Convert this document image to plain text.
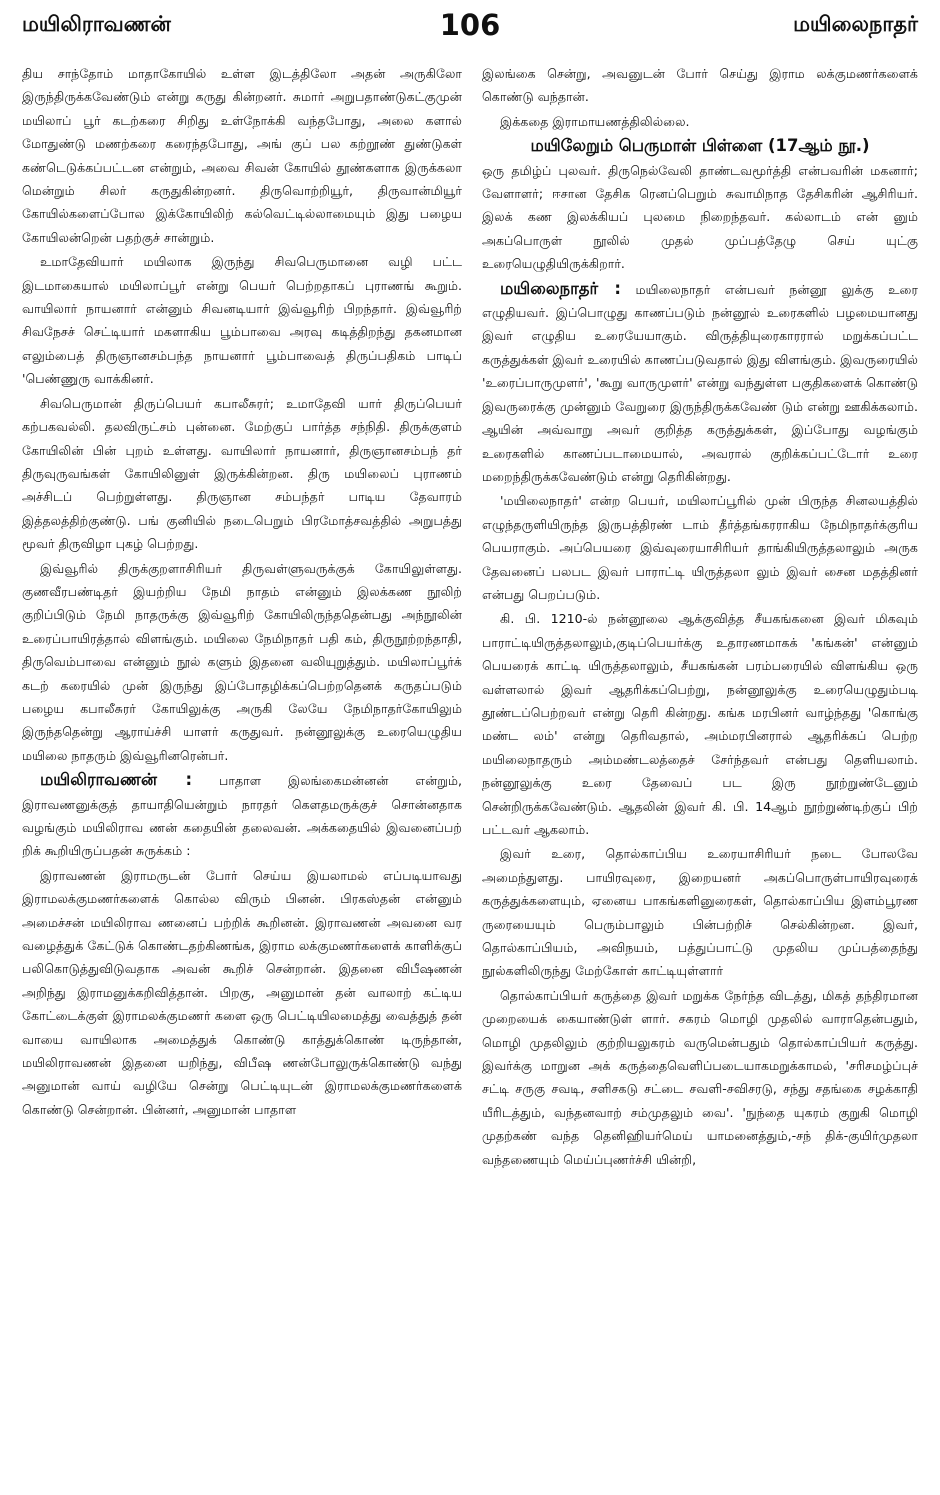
மயிலிராவணன்	106	மயிலைநாதர்

திய சாந்தோம் மாதாகோயில் உள்ள இடத்திலோ அதன் அருகிலோ இருந்திருக்கவேண்டும் என்று கருது கின்றனர். சுமார் அறுபதாண்டுகட்குமுன் மயிலாப் பூர் கடற்கரை சிறிது உள்நோக்கி வந்தபோது, அலை களால் மோதுண்டு மணற்கரை கரைந்தபோது, அங் குப் பல கற்றூண் துண்டுகள் கண்டெடுக்கப்பட்டன என்றும், அவை சிவன் கோயில் தூண்களாக இருக்கலா மென்றும் சிலர் கருதுகின்றனர். திருவொற்றியூர், திருவான்மியூர் கோயில்களைப்போல இக்கோயிலிற் கல்வெட்டில்லாமையும் இது பழைய கோயிலன்றென் பதற்குச் சான்றும்.

உமாதேவியார் மயிலாக இருந்து சிவபெருமானை வழி பட்ட இடமாகையால் மயிலாப்பூர் என்று பெயர் பெற்றதாகப் புராணங் கூறும். வாயிலார் நாயனார் என்னும் சிவனடியார் இவ்வூரிற் பிறந்தார். இவ்வூரிற் சிவநேசச் செட்டியார் மகளாகிய பூம்பாவை அரவு கடித்திறந்து தகனமான எலும்பைத் திருஞானசம்பந்த நாயனார் பூம்பாவைத் திருப்பதிகம் பாடிப் 'பெண்ணுரு வாக்கினர்.

சிவபெருமான் திருப்பெயர் கபாலீசுரர்; உமாதேவி யார் திருப்பெயர் கற்பகவல்லி. தலவிருட்சம் புன்னை. மேற்குப் பார்த்த சந்நிதி. திருக்குளம் கோயிலின் பின் புறம் உள்ளது. வாயிலார் நாயனார், திருஞானசம்பந் தர் திருவுருவங்கள் கோயிலினுள் இருக்கின்றன. திரு மயிலைப் புராணம் அச்சிடப் பெற்றுள்ளது. திருஞான சம்பந்தர் பாடிய தேவாரம் இத்தலத்திற்குண்டு. பங் குனியில் நடைபெறும் பிரமோத்சவத்தில் அறுபத்து மூவர் திருவிழா புகழ் பெற்றது.

இவ்வூரில் திருக்குறளாசிரியர் திருவள்ளுவருக்குக் கோயிலுள்ளது. குணவீரபண்டிதர் இயற்றிய நேமி நாதம் என்னும் இலக்கண நூலிற் குறிப்பிடும் நேமி நாதருக்கு இவ்வூரிற் கோயிலிருந்ததென்பது அந்நூலின் உரைப்பாயிரத்தால் விளங்கும். மயிலை நேமிநாதர் பதி கம், திருநூற்றந்தாதி, திருவெம்பாவை என்னும் நூல் களும் இதனை வலியுறுத்தும். மயிலாப்பூர்க் கடற் கரையில் முன் இருந்து இப்போதழிக்கப்பெற்றதெனக் கருதப்படும் பழைய கபாலீசுரர் கோயிலுக்கு அருகி லேயே நேமிநாதர்கோயிலும் இருந்ததென்று ஆராய்ச்சி யாளர் கருதுவர். நன்னூலுக்கு உரையெழுதிய மயிலை நாதரும் இவ்வூரினரென்பர்.

மயிலிராவணன் : பாதாள இலங்கைமன்னன் என்றும், இராவணனுக்குத் தாயாதியென்றும் நாரதர் கௌதமருக்குச் சொன்னதாக வழங்கும் மயிலிராவ ணன் கதையின் தலைவன். அக்கதையில் இவனைப்பற் றிக் கூறியிருப்பதன் சுருக்கம் :

இராவணன் இராமருடன் போர் செய்ய இயலாமல் எப்படியாவது இராமலக்குமணர்களைக் கொல்ல விரும் பினன். பிரகஸ்தன் என்னும் அமைச்சன் மயிலிராவ ணனைப் பற்றிக் கூறினன். இராவணன் அவனை வர வழைத்துக் கேட்டுக் கொண்டதற்கிணங்க, இராம லக்குமணர்களைக் காளிக்குப் பலிகொடுத்துவிடுவதாக அவன் கூறிச் சென்றான். இதனை விபீஷணன் அறிந்து இராமனுக்கறிவித்தான். பிறகு, அனுமான் தன் வாலாற் கட்டிய கோட்டைக்குள் இராமலக்குமணர் களை ஒரு பெட்டியிலமைத்து வைத்துத் தன் வாயை வாயிலாக அமைத்துக் கொண்டு காத்துக்கொண் டிருந்தான், மயிலிராவணன் இதனை யறிந்து, விபீஷ ணன்போலுருக்கொண்டு வந்து அனுமான் வாய் வழியே சென்று பெட்டியுடன் இராமலக்குமணர்களைக் கொண்டு சென்றான். பின்னர், அனுமான் பாதாள

இலங்கை சென்று, அவனுடன் போர் செய்து இராம லக்குமணர்களைக் கொண்டு வந்தான்.

இக்கதை இராமாயணத்திலில்லை.

மயிலேறும் பெருமாள் பிள்ளை (17ஆம் நூ.)

ஒரு தமிழ்ப் புலவர். திருநெல்வேலி தாண்டவமூர்த்தி என்பவரின் மகனார்; வேளாளர்; ஈசான தேசிக ரெனப்பெறும் சுவாமிநாத தேசிகரின் ஆசிரியர். இலக் கண இலக்கியப் புலமை நிறைந்தவர். கல்லாடம் என் னும் அகப்பொருள் நூலில் முதல் முப்பத்தேழு செய் யுட்கு உரையெழுதியிருக்கிறார்.

மயிலைநாதர் : மயிலைநாதர் என்பவர் நன்னூ லுக்கு உரை எழுதியவர். இப்பொழுது காணப்படும் நன்னூல் உரைகளில் பழமையானது இவர் எழுதிய உரையேயாகும். விருத்தியுரைகாரரால் மறுக்கப்பட்ட கருத்துக்கள் இவர் உரையில் காணப்படுவதால் இது விளங்கும். இவருரையில் 'உரைப்பாருமுளர்', 'கூறு வாருமுளர்' என்று வந்துள்ள பகுதிகளைக் கொண்டு இவருரைக்கு முன்னும் வேறுரை இருந்திருக்கவேண் டும் என்று ஊகிக்கலாம். ஆயின் அவ்வாறு அவர் குறித்த கருத்துக்கள், இப்போது வழங்கும் உரைகளில் காணப்படாமையால், அவரால் குறிக்கப்பட்டோர் உரை மறைந்திருக்கவேண்டும் என்று தெரிகின்றது.

'மயிலைநாதர்' என்ற பெயர், மயிலாப்பூரில் முன் பிருந்த சினலயத்தில் எழுந்தருளியிருந்த இருபத்திரண் டாம் தீர்த்தங்கரராகிய நேமிநாதர்க்குரிய பெயராகும். அப்பெயரை இவ்வுரையாசிரியர் தாங்கியிருத்தலாலும் அருக தேவனைப் பலபட இவர் பாராட்டி யிருத்தலா லும் இவர் சைன மதத்தினர் என்பது பெறப்படும்.

கி. பி. 1210-ல் நன்னூலை ஆக்குவித்த சீயகங்கனை இவர் மிகவும் பாராட்டியிருத்தலாலும்,குடிப்பெயர்க்கு உதாரணமாகக் 'கங்கன்' என்னும் பெயரைக் காட்டி யிருத்தலாலும், சீயகங்கன் பரம்பரையில் விளங்கிய ஒரு வள்ளலால் இவர் ஆதரிக்கப்பெற்று, நன்னூலுக்கு உரையெழுதும்படி தூண்டப்பெற்றவர் என்று தெரி கின்றது. கங்க மரபினர் வாழ்ந்தது 'கொங்கு மண்ட லம்' என்று தெரிவதால், அம்மரபினரால் ஆதரிக்கப் பெற்ற மயிலைநாதரும் அம்மண்டலத்தைச் சேர்ந்தவர் என்பது தெளியலாம். நன்னூலுக்கு உரை தேவைப் பட இரு நூற்றுண்டேனும் சென்றிருக்கவேண்டும். ஆதலின் இவர் கி. பி. 14ஆம் நூற்றுண்டிற்குப் பிற் பட்டவர் ஆகலாம்.

இவர் உரை, தொல்காப்பிய உரையாசிரியர் நடை போலவே அமைந்துளது. பாயிரவுரை, இறையனர் அகப்பொருள்பாயிரவுரைக் கருத்துக்களையும், ஏனைய பாகங்களினுரைகள், தொல்காப்பிய இளம்பூரண ருரையையும் பெரும்பாலும் பின்பற்றிச் செல்கின்றன. இவர், தொல்காப்பியம், அவிநயம், பத்துப்பாட்டு முதலிய முப்பத்தைந்து நூல்களிலிருந்து மேற்கோள் காட்டியுள்ளார்

தொல்காப்பியர் கருத்தை இவர் மறுக்க நேர்ந்த விடத்து, மிகத் தந்திரமான முறையைக் கையாண்டுள் ளார். சகரம் மொழி முதலில் வாராதென்பதும், மொழி முதலிலும் குற்றியலுகரம் வருமென்பதும் தொல்காப்பியர் கருத்து. இவர்க்கு மாறுன அக் கருத்தைவெளிப்படையாகமறுக்காமல், 'சரிசமழ்ப்புச் சட்டி சருகு சவடி, சளிசகடு சட்டை சவளி-சவிசரடு, சந்து சதங்கை சழக்காதி யீரிடத்தும், வந்தனவாற் சம்முதலும் வை'. 'நுந்தை யுகரம் குறுகி மொழி முதற்கண் வந்த தெனிஹியர்மெய் யாமனைத்தும்,-சந் திக்-குயிர்முதலா வந்தணையும் மெய்ப்புணர்ச்சி யின்றி,
